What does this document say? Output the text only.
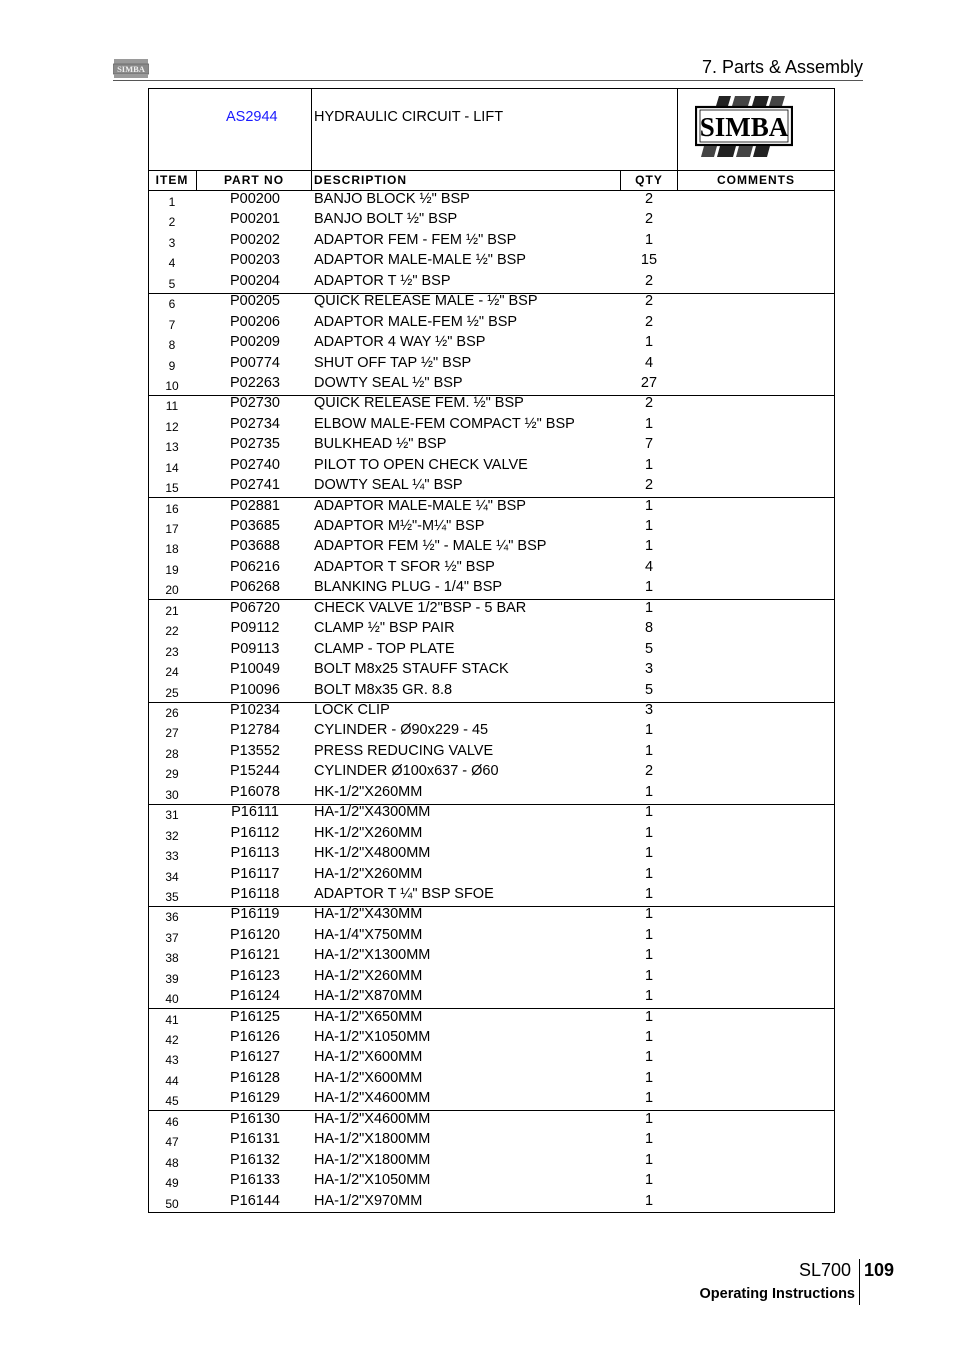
SIMBA	7. Parts & Assembly
AS2944	HYDRAULIC CIRCUIT - LIFT	SIMBA
ITEM	PART NO	DESCRIPTION	QTY	COMMENTS
1	P00200	BANJO BLOCK ½" BSP	2
2	P00201	BANJO BOLT ½" BSP	2
3	P00202	ADAPTOR FEM - FEM ½" BSP	1
4	P00203	ADAPTOR MALE-MALE ½" BSP	15
5	P00204	ADAPTOR T ½" BSP	2
6	P00205	QUICK RELEASE MALE - ½" BSP	2
7	P00206	ADAPTOR MALE-FEM ½" BSP	2
8	P00209	ADAPTOR 4 WAY ½" BSP	1
9	P00774	SHUT OFF TAP ½" BSP	4
10	P02263	DOWTY SEAL ½" BSP	27
11	P02730	QUICK RELEASE FEM. ½" BSP	2
12	P02734	ELBOW MALE-FEM COMPACT ½" BSP	1
13	P02735	BULKHEAD ½" BSP	7
14	P02740	PILOT TO OPEN CHECK VALVE	1
15	P02741	DOWTY SEAL ¼" BSP	2
16	P02881	ADAPTOR MALE-MALE ¼" BSP	1
17	P03685	ADAPTOR M½"-M¼" BSP	1
18	P03688	ADAPTOR FEM ½" - MALE ¼" BSP	1
19	P06216	ADAPTOR T SFOR ½" BSP	4
20	P06268	BLANKING PLUG - 1/4" BSP	1
21	P06720	CHECK VALVE 1/2"BSP - 5 BAR	1
22	P09112	CLAMP ½" BSP PAIR	8
23	P09113	CLAMP - TOP PLATE	5
24	P10049	BOLT M8x25 STAUFF STACK	3
25	P10096	BOLT M8x35 GR. 8.8	5
26	P10234	LOCK CLIP	3
27	P12784	CYLINDER - Ø90x229 - 45	1
28	P13552	PRESS REDUCING VALVE	1
29	P15244	CYLINDER Ø100x637 - Ø60	2
30	P16078	HK-1/2"X260MM	1
31	P16111	HA-1/2"X4300MM	1
32	P16112	HK-1/2"X260MM	1
33	P16113	HK-1/2"X4800MM	1
34	P16117	HA-1/2"X260MM	1
35	P16118	ADAPTOR T ¼" BSP SFOE	1
36	P16119	HA-1/2"X430MM	1
37	P16120	HA-1/4"X750MM	1
38	P16121	HA-1/2"X1300MM	1
39	P16123	HA-1/2"X260MM	1
40	P16124	HA-1/2"X870MM	1
41	P16125	HA-1/2"X650MM	1
42	P16126	HA-1/2"X1050MM	1
43	P16127	HA-1/2"X600MM	1
44	P16128	HA-1/2"X600MM	1
45	P16129	HA-1/2"X4600MM	1
46	P16130	HA-1/2"X4600MM	1
47	P16131	HA-1/2"X1800MM	1
48	P16132	HA-1/2"X1800MM	1
49	P16133	HA-1/2"X1050MM	1
50	P16144	HA-1/2"X970MM	1
SL700 109
Operating Instructions
